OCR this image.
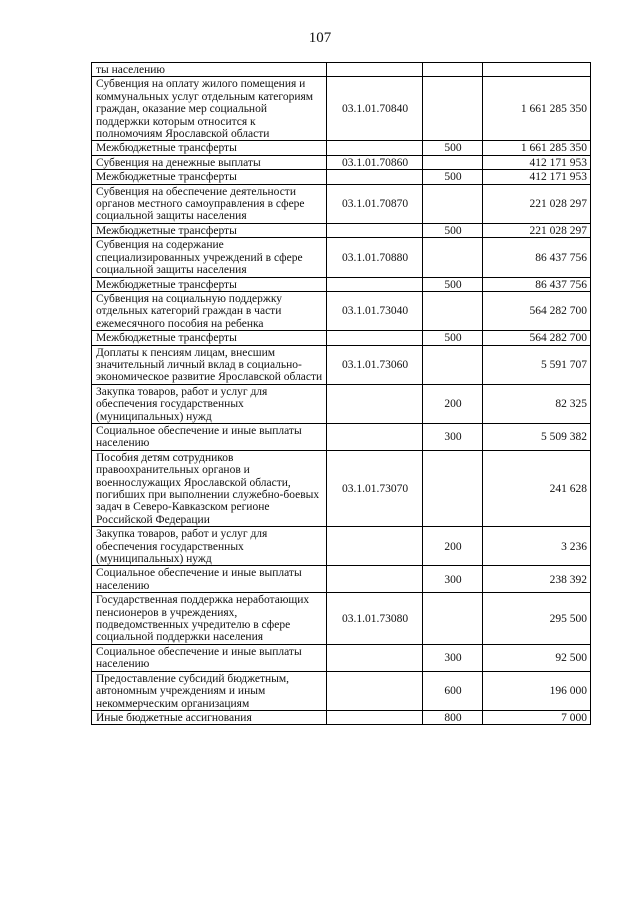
107
ты населению			
Субвенция на оплату жилого помещения и коммунальных услуг отдельным категориям граждан, оказание мер социальной поддержки которым относится к полномочиям Ярославской области	03.1.01.70840		1 661 285 350
Межбюджетные трансферты		500	1 661 285 350
Субвенция на денежные выплаты	03.1.01.70860		412 171 953
Межбюджетные трансферты		500	412 171 953
Субвенция на обеспечение деятельности органов местного самоуправления в сфере социальной защиты населения	03.1.01.70870		221 028 297
Межбюджетные трансферты		500	221 028 297
Субвенция на содержание специализированных учреждений в сфере социальной защиты населения	03.1.01.70880		86 437 756
Межбюджетные трансферты		500	86 437 756
Субвенция на социальную поддержку отдельных категорий граждан в части ежемесячного пособия на ребенка	03.1.01.73040		564 282 700
Межбюджетные трансферты		500	564 282 700
Доплаты к пенсиям лицам, внесшим значительный личный вклад в социально-экономическое развитие Ярославской области	03.1.01.73060		5 591 707
Закупка товаров, работ и услуг для обеспечения государственных (муниципальных) нужд		200	82 325
Социальное обеспечение и иные выплаты населению		300	5 509 382
Пособия детям сотрудников правоохранительных органов и военнослужащих Ярославской области, погибших при выполнении служебно-боевых задач в Северо-Кавказском регионе Российской Федерации	03.1.01.73070		241 628
Закупка товаров, работ и услуг для обеспечения государственных (муниципальных) нужд		200	3 236
Социальное обеспечение и иные выплаты населению		300	238 392
Государственная поддержка неработающих пенсионеров в учреждениях, подведомственных учредителю в сфере социальной поддержки населения	03.1.01.73080		295 500
Социальное обеспечение и иные выплаты населению		300	92 500
Предоставление субсидий бюджетным, автономным учреждениям и иным некоммерческим организациям		600	196 000
Иные бюджетные ассигнования		800	7 000
